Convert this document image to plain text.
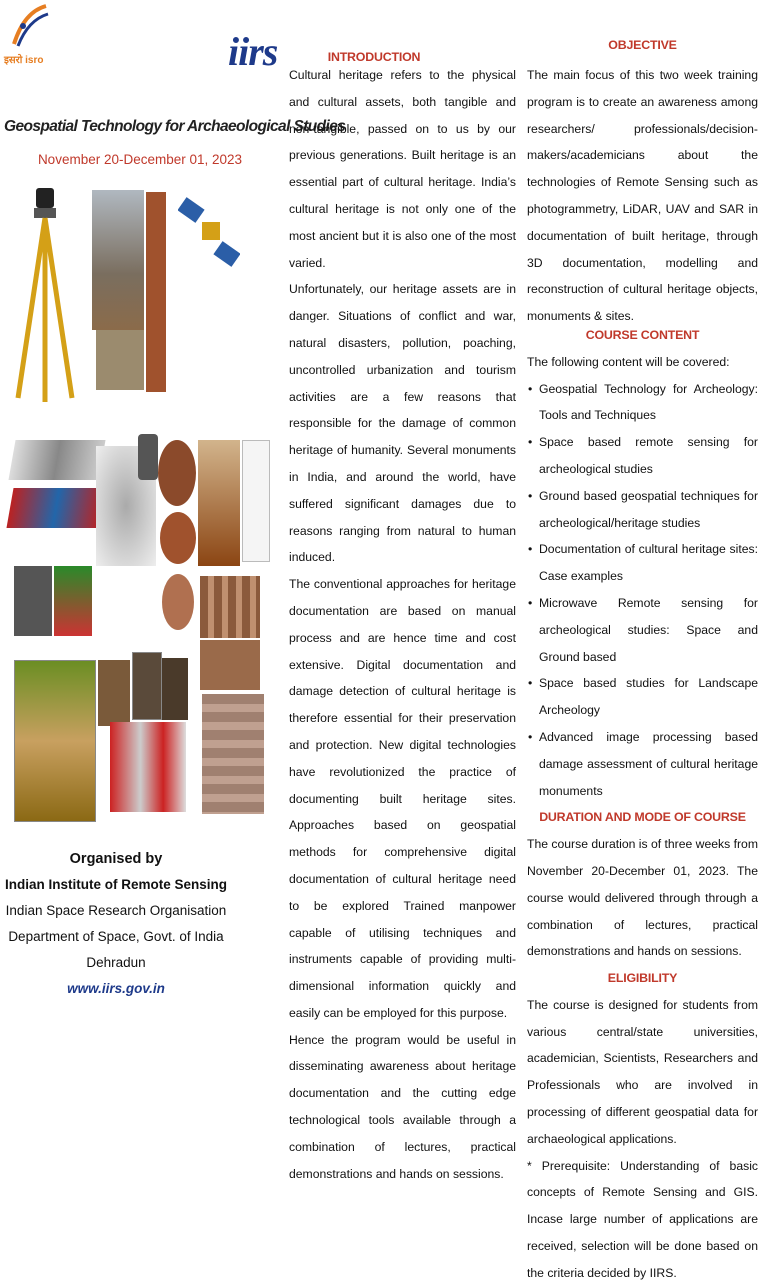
इसरो isro	iirs
Geospatial Technology for Archaeological Studies
November 20-December 01, 2023
Organised by
Indian Institute of Remote Sensing
Indian Space Research Organisation
Department of Space, Govt. of India
Dehradun
www.iirs.gov.in
INTRODUCTION

Cultural heritage refers to the physical and cultural assets, both tangible and non-tangible, passed on to us by our previous generations. Built heritage is an essential part of cultural heritage. India’s cultural heritage is not only one of the most ancient but it is also one of the most varied.

Unfortunately, our heritage assets are in danger. Situations of conflict and war, natural disasters, pollution, poaching, uncontrolled urbanization and tourism activities are a few reasons that responsible for the damage of common heritage of humanity. Several monuments in India, and around the world, have suffered significant damages due to reasons ranging from natural to human induced.

The conventional approaches for heritage documentation are based on manual process and are hence time and cost extensive. Digital documentation and damage detection of cultural heritage is therefore essential for their preservation and protection. New digital technologies have revolutionized the practice of documenting built heritage sites. Approaches based on geospatial methods for comprehensive digital documentation of cultural heritage need to be explored Trained manpower capable of utilising techniques and instruments capable of providing multi-dimensional information quickly and easily can be employed for this purpose.

Hence the program would be useful in disseminating awareness about heritage documentation and the cutting edge technological tools available through a combination of lectures, practical demonstrations and hands on sessions.

OBJECTIVE

The main focus of this two week training program is to create an awareness among researchers/ professionals/decision-makers/academicians about the technologies of Remote Sensing such as photogrammetry, LiDAR, UAV and SAR in documentation of built heritage, through 3D documentation, modelling and reconstruction of cultural heritage objects, monuments & sites.

COURSE CONTENT

The following content will be covered:

• Geospatial Technology for Archeology: Tools and Techniques
• Space based remote sensing for archeological studies
• Ground based geospatial techniques for archeological/heritage studies
• Documentation of cultural heritage sites: Case examples
• Microwave Remote sensing for archeological studies: Space and Ground based
• Space based studies for Landscape Archeology
• Advanced image processing based damage assessment of cultural heritage monuments
DURATION AND MODE OF COURSE

The course duration is of three weeks from November 20-December 01, 2023. The course would delivered through through a combination of lectures, practical demonstrations and hands on sessions.

ELIGIBILITY

The course is designed for students from various central/state universities, academician, Scientists, Researchers and Professionals who are involved in processing of different geospatial data for archaeological applications.

* Prerequisite: Understanding of basic concepts of Remote Sensing and GIS. Incase large number of applications are received, selection will be done based on the criteria decided by IIRS.
